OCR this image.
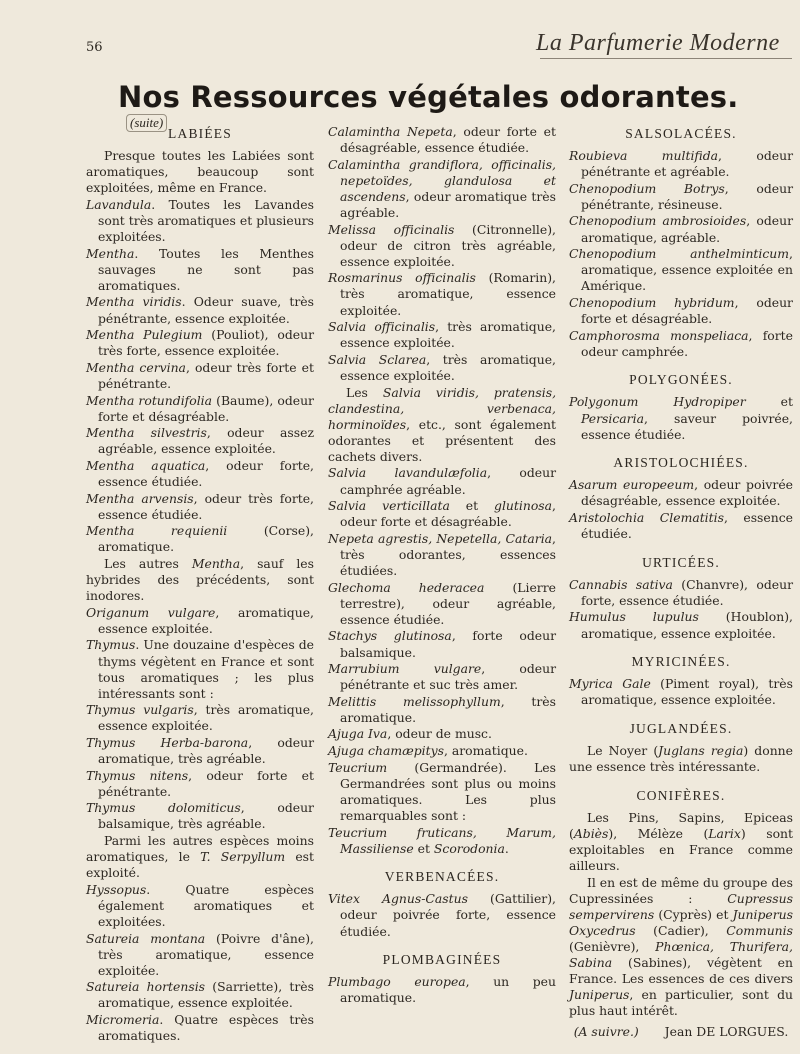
56	La Parfumerie Moderne
Nos Ressources végétales odorantes. (suite)
LABIÉES
Presque toutes les Labiées sont aromatiques, beaucoup sont exploitées, même en France.
Lavandula. Toutes les Lavandes sont très aromatiques et plusieurs exploitées.
Mentha. Toutes les Menthes sauvages ne sont pas aromatiques.
Mentha viridis. Odeur suave, très pénétrante, essence exploitée.
Mentha Pulegium (Pouliot), odeur très forte, essence exploitée.
Mentha cervina, odeur très forte et pénétrante.
Mentha rotundifolia (Baume), odeur forte et désagréable.
Mentha silvestris, odeur assez agréable, essence exploitée.
Mentha aquatica, odeur forte, essence étudiée.
Mentha arvensis, odeur très forte, essence étudiée.
Mentha requienii (Corse), aromatique.
Les autres Mentha, sauf les hybrides des précédents, sont inodores.
Origanum vulgare, aromatique, essence exploitée.
Thymus. Une douzaine d'espèces de thyms végètent en France et sont tous aromatiques ; les plus intéressants sont :
Thymus vulgaris, très aromatique, essence exploitée.
Thymus Herba-barona, odeur aromatique, très agréable.
Thymus nitens, odeur forte et pénétrante.
Thymus dolomiticus, odeur balsamique, très agréable.
Parmi les autres espèces moins aromatiques, le T. Serpyllum est exploité.
Hyssopus. Quatre espèces également aromatiques et exploitées.
Satureia montana (Poivre d'âne), très aromatique, essence exploitée.
Satureia hortensis (Sarriette), très aromatique, essence exploitée.
Micromeria. Quatre espèces très aromatiques.
Calamintha Nepeta, odeur forte et désagréable, essence étudiée.
Calamintha grandiflora, officinalis, nepetoïdes, glandulosa et ascendens, odeur aromatique très agréable.
Melissa officinalis (Citronnelle), odeur de citron très agréable, essence exploitée.
Rosmarinus officinalis (Romarin), très aromatique, essence exploitée.
Salvia officinalis, très aromatique, essence exploitée.
Salvia Sclarea, très aromatique, essence exploitée.
Les Salvia viridis, pratensis, clandestina, verbenaca, horminoïdes, etc., sont également odorantes et présentent des cachets divers.
Salvia lavandulæfolia, odeur camphrée agréable.
Salvia verticillata et glutinosa, odeur forte et désagréable.
Nepeta agrestis, Nepetella, Cataria, très odorantes, essences étudiées.
Glechoma hederacea (Lierre terrestre), odeur agréable, essence étudiée.
Stachys glutinosa, forte odeur balsamique.
Marrubium vulgare, odeur pénétrante et suc très amer.
Melittis melissophyllum, très aromatique.
Ajuga Iva, odeur de musc.
Ajuga chamæpitys, aromatique.
Teucrium (Germandrée). Les Germandrées sont plus ou moins aromatiques. Les plus remarquables sont :
Teucrium fruticans, Marum, Massiliense et Scorodonia.
VERBENACÉES.
Vitex Agnus-Castus (Gattilier), odeur poivrée forte, essence étudiée.
PLOMBAGINÉES
Plumbago europea, un peu aromatique.
SALSOLACÉES.
Roubieva multifida, odeur pénétrante et agréable.
Chenopodium Botrys, odeur pénétrante, résineuse.
Chenopodium ambrosioides, odeur aromatique, agréable.
Chenopodium anthelminticum, aromatique, essence exploitée en Amérique.
Chenopodium hybridum, odeur forte et désagréable.
Camphorosma monspeliaca, forte odeur camphrée.
POLYGONÉES.
Polygonum Hydropiper et Persicaria, saveur poivrée, essence étudiée.
ARISTOLOCHIÉES.
Asarum europeeum, odeur poivrée désagréable, essence exploitée.
Aristolochia Clematitis, essence étudiée.
URTICÉES.
Cannabis sativa (Chanvre), odeur forte, essence étudiée.
Humulus lupulus (Houblon), aromatique, essence exploitée.
MYRICINÉES.
Myrica Gale (Piment royal), très aromatique, essence exploitée.
JUGLANDÉES.
Le Noyer (Juglans regia) donne une essence très intéressante.
CONIFÈRES.
Les Pins, Sapins, Epiceas (Abiès), Mélèze (Larix) sont exploitables en France comme ailleurs.
Il en est de même du groupe des Cupressinées : Cupressus sempervirens (Cyprès) et Juniperus Oxycedrus (Cadier), Communis (Genièvre), Phœnica, Thurifera, Sabina (Sabines), végètent en France. Les essences de ces divers Juniperus, en particulier, sont du plus haut intérêt.
(A suivre.) Jean DE LORGUES.
